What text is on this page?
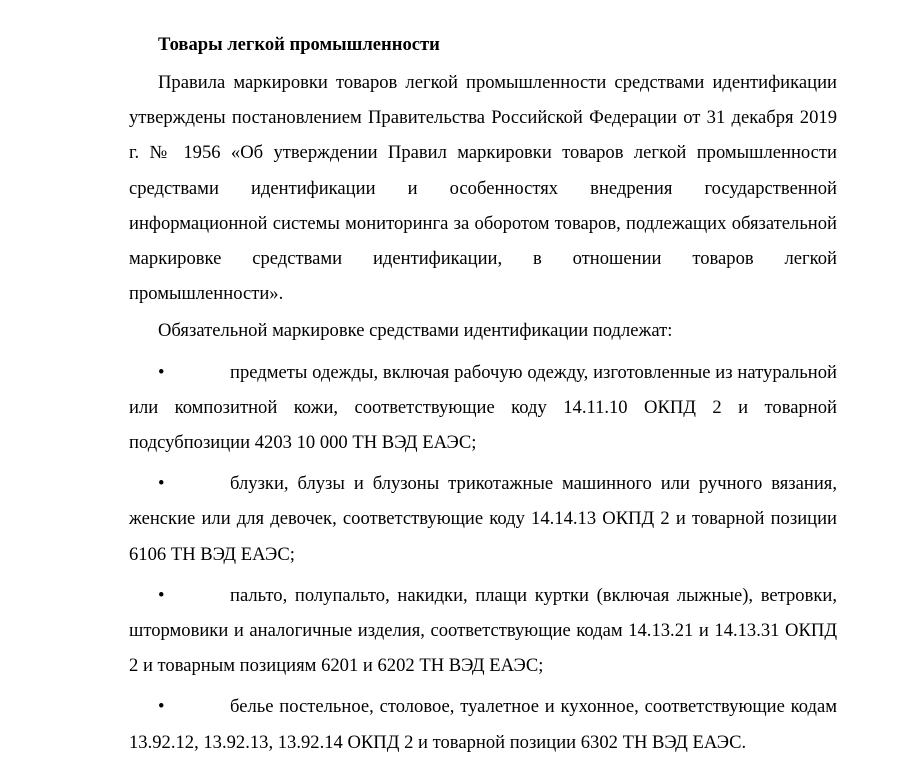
Товары легкой промышленности

Правила маркировки товаров легкой промышленности средствами идентификации утверждены постановлением Правительства Российской Федерации от 31 декабря 2019 г. № 1956 «Об утверждении Правил маркировки товаров легкой промышленности средствами идентификации и особенностях внедрения государственной информационной системы мониторинга за оборотом товаров, подлежащих обязательной маркировке средствами идентификации, в отношении товаров легкой промышленности».

Обязательной маркировке средствами идентификации подлежат:

•	предметы одежды, включая рабочую одежду, изготовленные из натуральной или композитной кожи, соответствующие коду 14.11.10 ОКПД 2 и товарной подсубпозиции 4203 10 000 ТН ВЭД ЕАЭС;
•	блузки, блузы и блузоны трикотажные машинного или ручного вязания, женские или для девочек, соответствующие коду 14.14.13 ОКПД 2 и товарной позиции 6106 ТН ВЭД ЕАЭС;
•	пальто, полупальто, накидки, плащи куртки (включая лыжные), ветровки, штормовики и аналогичные изделия, соответствующие кодам 14.13.21 и 14.13.31 ОКПД 2 и товарным позициям 6201 и 6202 ТН ВЭД ЕАЭС;
•	белье постельное, столовое, туалетное и кухонное, соответствующие кодам 13.92.12, 13.92.13, 13.92.14 ОКПД 2 и товарной позиции 6302 ТН ВЭД ЕАЭС.
